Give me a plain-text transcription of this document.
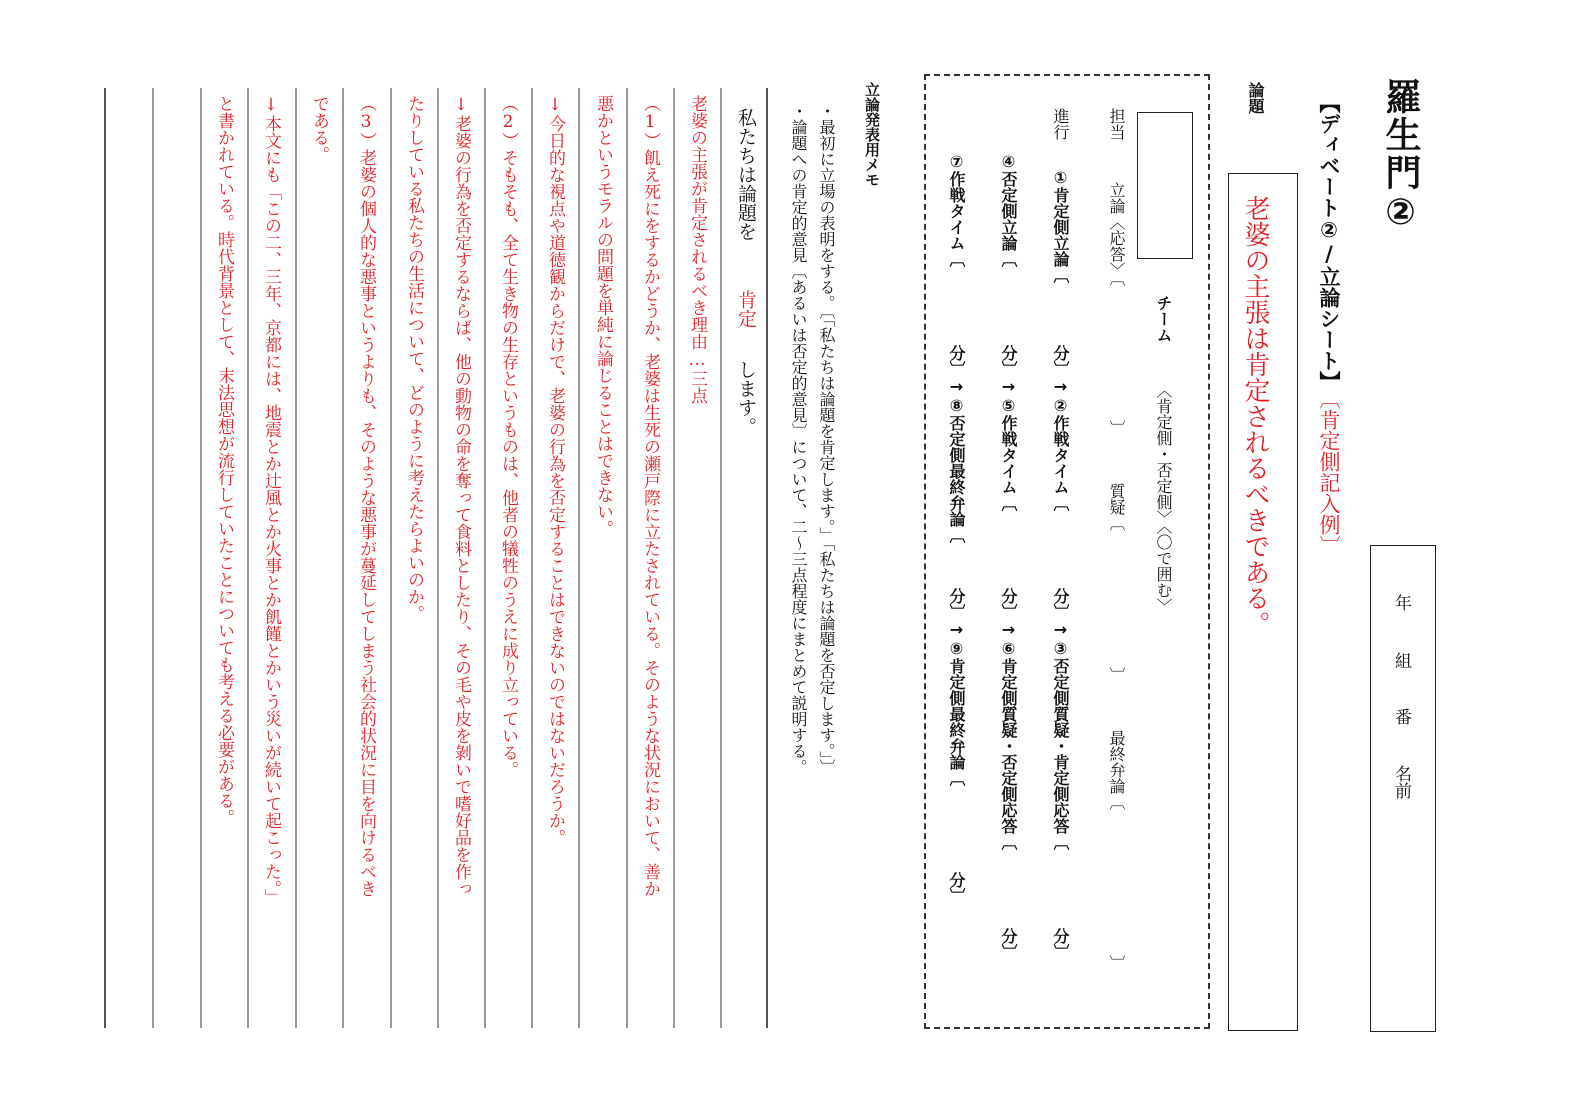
羅生門②
【ディベート②/立論シート】
〔肯定側記入例〕
年
組
番
名前
論題
老婆の主張は肯定されるべきである。
チーム
〈肯定側・否定側〉〈〇で囲む〉
担当
立論〈応答〉〔
〕
質疑〔
〕
最終弁論〔
〕
進行
①肯定側立論〔
分〕→②作戦タイム〔
分〕→③否定側質疑・肯定側応答〔
分〕
④否定側立論〔
分〕→⑤作戦タイム〔
分〕→⑥肯定側質疑・否定側応答〔
分〕
⑦作戦タイム〔
分〕→⑧否定側最終弁論〔
分〕→⑨肯定側最終弁論〔
分〕
立論発表用メモ
・最初に立場の表明をする。〔「私たちは論題を肯定します。」「私たちは論題を否定します。」〕
・論題への肯定的意見〔あるいは否定的意見〕について、二〜三点程度にまとめて説明する。
私たちは論題を
肯定
します。
老婆の主張が肯定されるべき理由…三点
（1）飢え死にをするかどうか、老婆は生死の瀬戸際に立たされている。そのような状況において、善か
悪かというモラルの問題を単純に論じることはできない。
↓今日的な視点や道徳観からだけで、老婆の行為を否定することはできないのではないだろうか。
（2）そもそも、全て生き物の生存というものは、他者の犠牲のうえに成り立っている。
↓老婆の行為を否定するならば、他の動物の命を奪って食料としたり、その毛や皮を剝いで嗜好品を作っ
たりしている私たちの生活について、どのように考えたらよいのか。
（3）老婆の個人的な悪事というよりも、そのような悪事が蔓延してしまう社会的状況に目を向けるべき
である。
↓本文にも「この二、三年、京都には、地震とか辻風とか火事とか飢饉とかいう災いが続いて起こった。」
と書かれている。時代背景として、末法思想が流行していたことについても考える必要がある。
